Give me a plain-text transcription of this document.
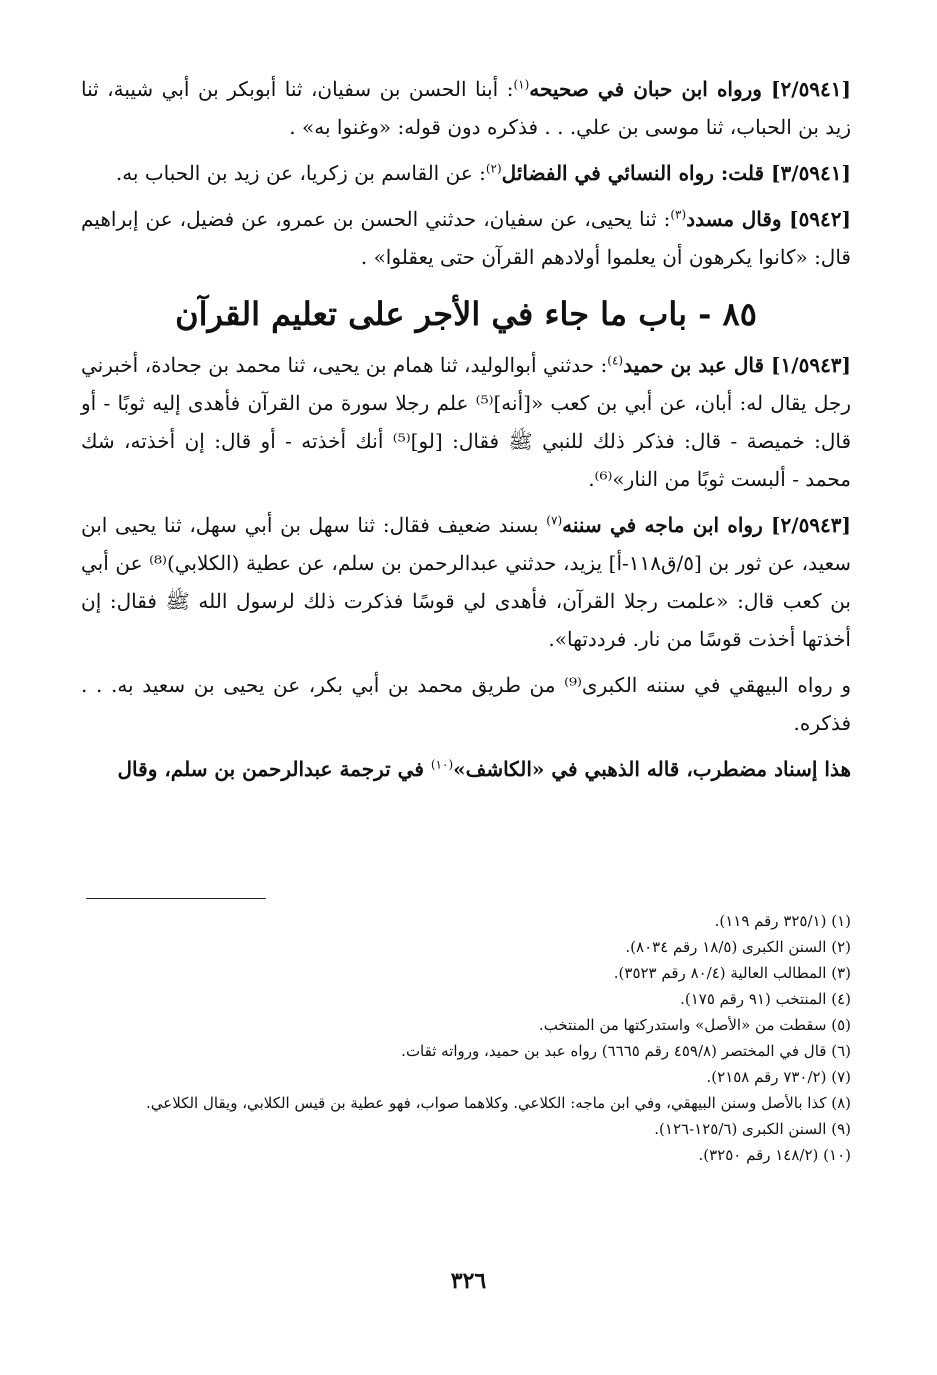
[٢/٥٩٤١] ورواه ابن حبان في صحيحه$^{(١)}$: أبنا الحسن بن سفيان، ثنا أبوبكر بن أبي شيبة، ثنا زيد بن الحباب، ثنا موسى بن علي. . . فذكره دون قوله: «وغنوا به» .

[٣/٥٩٤١] قلت: رواه النسائي في الفضائل$^{(٢)}$: عن القاسم بن زكريا، عن زيد بن الحباب به.

[٥٩٤٢] وقال مسدد$^{(٣)}$: ثنا يحيى، عن سفيان، حدثني الحسن بن عمرو، عن فضيل، عن إبراهيم قال: «كانوا يكرهون أن يعلموا أولادهم القرآن حتى يعقلوا» .

٨٥ - باب ما جاء في الأجر على تعليم القرآن

[١/٥٩٤٣] قال عبد بن حميد$^{(٤)}$: حدثني أبوالوليد، ثنا همام بن يحيى، ثنا محمد بن جحادة، أخبرني رجل يقال له: أبان، عن أبي بن كعب «[أنه]⁽⁵⁾ علم رجلا سورة من القرآن فأهدى إليه ثوبًا - أو قال: خميصة - قال: فذكر ذلك للنبي ﷺ فقال: [لو]⁽⁵⁾ أنك أخذته - أو قال: إن أخذته، شك محمد - ألبست ثوبًا من النار»⁽⁶⁾.

[٢/٥٩٤٣] رواه ابن ماجه في سننه$^{(٧)}$ بسند ضعيف فقال: ثنا سهل بن أبي سهل، ثنا يحيى ابن سعيد، عن ثور بن [٥/ق١١٨-أ] يزيد، حدثني عبدالرحمن بن سلم، عن عطية (الكلابي)⁽⁸⁾ عن أبي بن كعب قال: «علمت رجلا القرآن، فأهدى لي قوسًا فذكرت ذلك لرسول الله ﷺ فقال: إن أخذتها أخذت قوسًا من نار. فرددتها».

و رواه البيهقي في سننه الكبرى⁽⁹⁾ من طريق محمد بن أبي بكر، عن يحيى بن سعيد به. . . فذكره.

هذا إسناد مضطرب، قاله الذهبي في «الكاشف»$^{(١٠)}$ في ترجمة عبدالرحمن بن سلم، وقال

(١) (٣٢٥/١ رقم ١١٩).

(٢) السنن الكبرى (١٨/٥ رقم ٨٠٣٤).

(٣) المطالب العالية (٨٠/٤ رقم ٣٥٢٣).

(٤) المنتخب (٩١ رقم ١٧٥).

(٥) سقطت من «الأصل» واستدركتها من المنتخب.

(٦) قال في المختصر (٤٥٩/٨ رقم ٦٦٦٥) رواه عبد بن حميد، ورواته ثقات.

(٧) (٧٣٠/٢ رقم ٢١٥٨).

(٨) كذا بالأصل وسنن البيهقي، وفي ابن ماجه: الكلاعي. وكلاهما صواب، فهو عطية بن قيس الكلابي، ويقال الكلاعي.

(٩) السنن الكبرى (١٢٥/٦-١٢٦).

(١٠) (١٤٨/٢ رقم ٣٢٥٠).

٣٢٦
